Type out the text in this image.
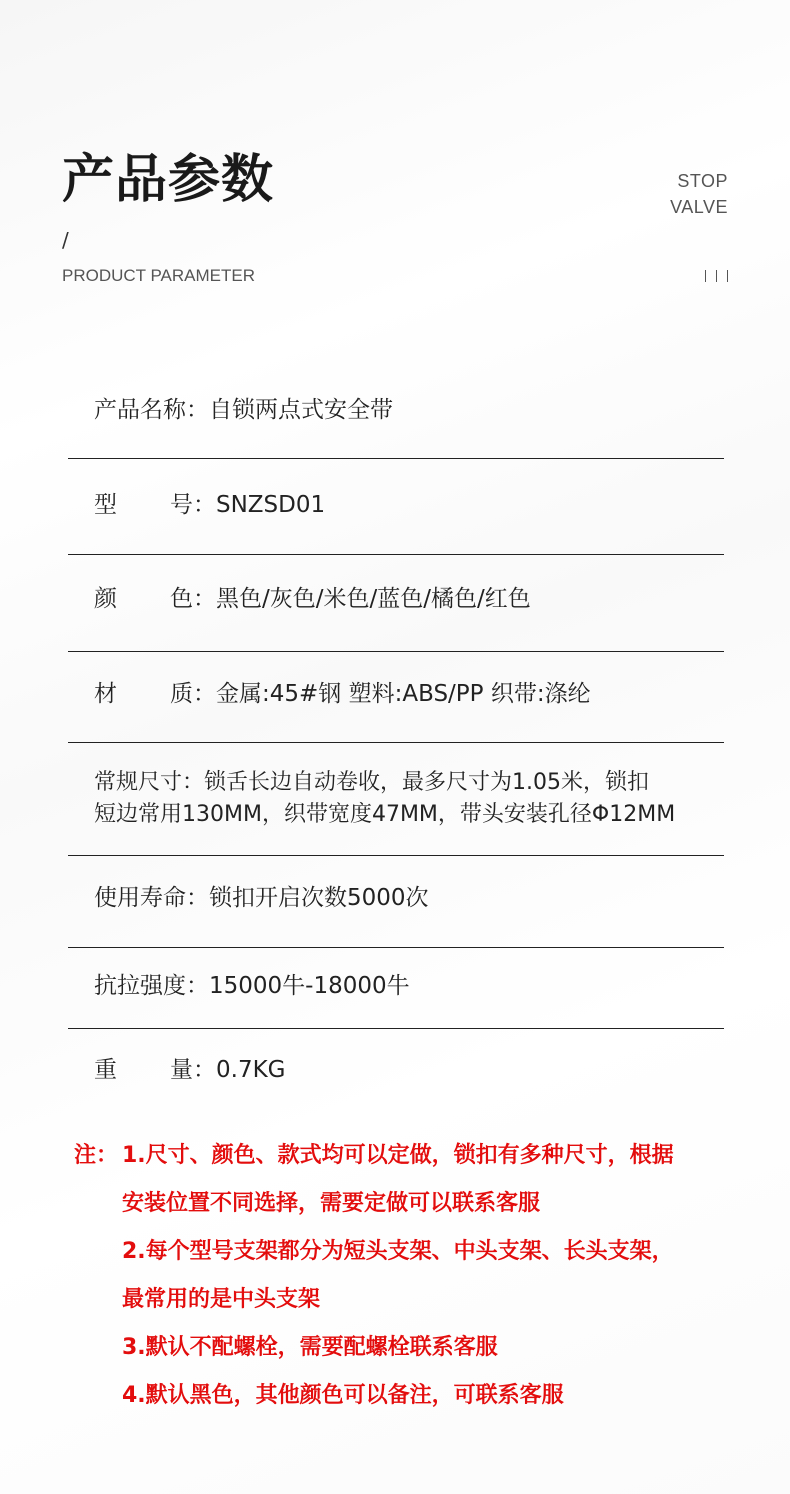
产品参数
/
PRODUCT PARAMETER
STOP
VALVE
产品名称：自锁两点式安全带
型 号：SNZSD01
颜 色：黑色/灰色/米色/蓝色/橘色/红色
材 质：金属:45#钢 塑料:ABS/PP 织带:涤纶
常规尺寸：锁舌长边自动卷收，最多尺寸为1.05米，锁扣
短边常用130MM，织带宽度47MM，带头安装孔径Φ12MM
使用寿命：锁扣开启次数5000次
抗拉强度：15000牛-18000牛
重 量：0.7KG
注： 1.尺寸、颜色、款式均可以定做，锁扣有多种尺寸，根据
安装位置不同选择，需要定做可以联系客服
2.每个型号支架都分为短头支架、中头支架、长头支架，
最常用的是中头支架
3.默认不配螺栓，需要配螺栓联系客服
4.默认黑色，其他颜色可以备注，可联系客服
